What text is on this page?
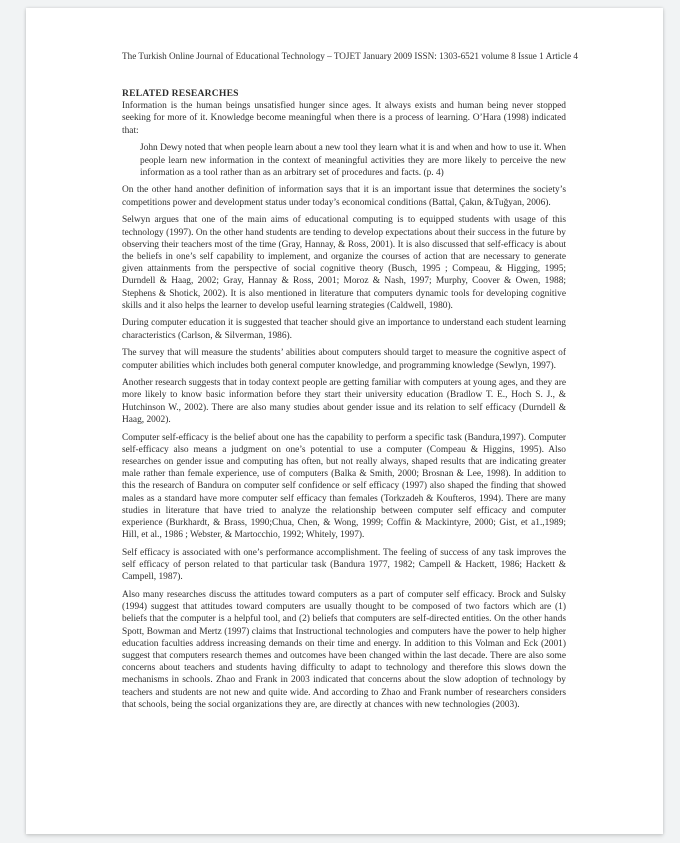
The Turkish Online Journal of Educational Technology – TOJET January 2009 ISSN: 1303-6521 volume 8 Issue 1 Article 4
RELATED RESEARCHES

Information is the human beings unsatisfied hunger since ages. It always exists and human being never stopped seeking for more of it. Knowledge become meaningful when there is a process of learning. O’Hara (1998) indicated that:

John Dewy noted that when people learn about a new tool they learn what it is and when and how to use it. When people learn new information in the context of meaningful activities they are more likely to perceive the new information as a tool rather than as an arbitrary set of procedures and facts. (p. 4)

On the other hand another definition of information says that it is an important issue that determines the society’s competitions power and development status under today’s economical conditions (Battal, Çakın, &Tuğyan, 2006).

Selwyn argues that one of the main aims of educational computing is to equipped students with usage of this technology (1997). On the other hand students are tending to develop expectations about their success in the future by observing their teachers most of the time (Gray, Hannay, & Ross, 2001). It is also discussed that self-efficacy is about the beliefs in one’s self capability to implement, and organize the courses of action that are necessary to generate given attainments from the perspective of social cognitive theory (Busch, 1995 ; Compeau, & Higging, 1995; Durndell & Haag, 2002; Gray, Hannay & Ross, 2001; Moroz & Nash, 1997; Murphy, Coover & Owen, 1988; Stephens & Shotick, 2002). It is also mentioned in literature that computers dynamic tools for developing cognitive skills and it also helps the learner to develop useful learning strategies (Caldwell, 1980).

During computer education it is suggested that teacher should give an importance to understand each student learning characteristics (Carlson, & Silverman, 1986).

The survey that will measure the students’ abilities about computers should target to measure the cognitive aspect of computer abilities which includes both general computer knowledge, and programming knowledge (Sewlyn, 1997).

Another research suggests that in today context people are getting familiar with computers at young ages, and they are more likely to know basic information before they start their university education (Bradlow T. E., Hoch S. J., & Hutchinson W., 2002). There are also many studies about gender issue and its relation to self efficacy (Durndell & Haag, 2002).

Computer self-efficacy is the belief about one has the capability to perform a specific task (Bandura,1997). Computer self-efficacy also means a judgment on one’s potential to use a computer (Compeau & Higgins, 1995). Also researches on gender issue and computing has often, but not really always, shaped results that are indicating greater male rather than female experience, use of computers (Balka & Smith, 2000; Brosnan & Lee, 1998). In addition to this the research of Bandura on computer self confidence or self efficacy (1997) also shaped the finding that showed males as a standard have more computer self efficacy than females (Torkzadeh & Koufteros, 1994). There are many studies in literature that have tried to analyze the relationship between computer self efficacy and computer experience (Burkhardt, & Brass, 1990;Chua, Chen, & Wong, 1999; Coffin & Mackintyre, 2000; Gist, et a1.,1989; Hill, et al., 1986 ; Webster, & Martocchio, 1992; Whitely, 1997).

Self efficacy is associated with one’s performance accomplishment. The feeling of success of any task improves the self efficacy of person related to that particular task (Bandura 1977, 1982; Campell & Hackett, 1986; Hackett & Campell, 1987).

Also many researches discuss the attitudes toward computers as a part of computer self efficacy. Brock and Sulsky (1994) suggest that attitudes toward computers are usually thought to be composed of two factors which are (1) beliefs that the computer is a helpful tool, and (2) beliefs that computers are self-directed entities. On the other hands Spott, Bowman and Mertz (1997) claims that Instructional technologies and computers have the power to help higher education faculties address increasing demands on their time and energy. In addition to this Volman and Eck (2001) suggest that computers research themes and outcomes have been changed within the last decade. There are also some concerns about teachers and students having difficulty to adapt to technology and therefore this slows down the mechanisms in schools. Zhao and Frank in 2003 indicated that concerns about the slow adoption of technology by teachers and students are not new and quite wide. And according to Zhao and Frank number of researchers considers that schools, being the social organizations they are, are directly at chances with new technologies (2003).
